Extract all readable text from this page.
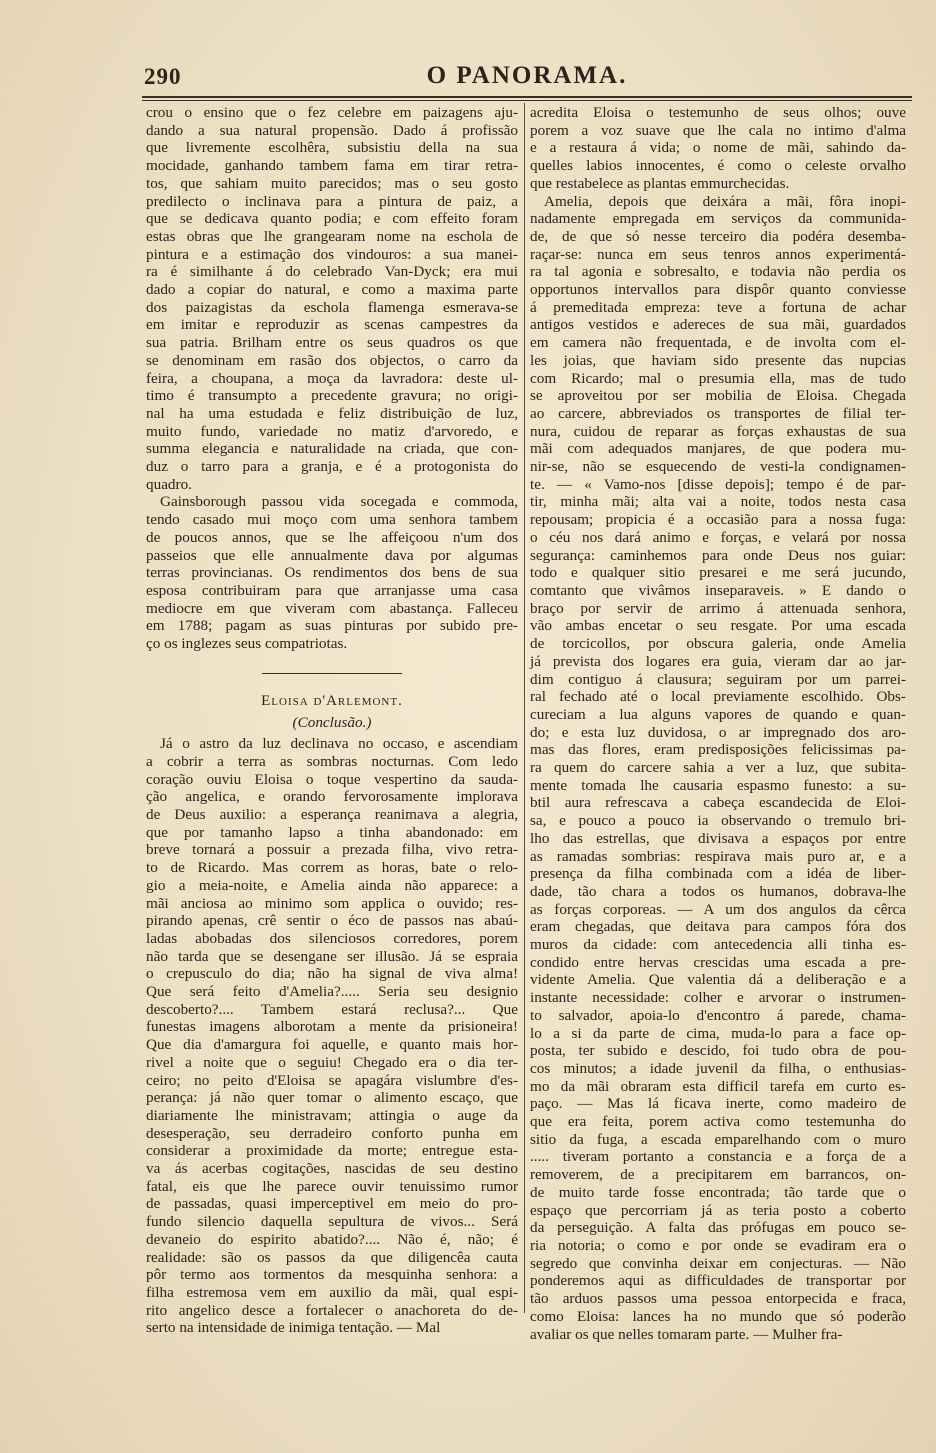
290	O PANORAMA.
crou o ensino que o fez celebre em paizagens aju-
dando a sua natural propensão. Dado á profissão
que livremente escolhêra, subsistiu della na sua
mocidade, ganhando tambem fama em tirar retra-
tos, que sahiam muito parecidos; mas o seu gosto
predilecto o inclinava para a pintura de paiz, a
que se dedicava quanto podia; e com effeito foram
estas obras que lhe grangearam nome na eschola de
pintura e a estimação dos vindouros: a sua manei-
ra é similhante á do celebrado Van-Dyck; era mui
dado a copiar do natural, e como a maxima parte
dos paizagistas da eschola flamenga esmerava-se
em imitar e reproduzir as scenas campestres da
sua patria. Brilham entre os seus quadros os que
se denominam em rasão dos objectos, o carro da
feira, a choupana, a moça da lavradora: deste ul-
timo é transumpto a precedente gravura; no origi-
nal ha uma estudada e feliz distribuição de luz,
muito fundo, variedade no matiz d'arvoredo, e
summa elegancia e naturalidade na criada, que con-
duz o tarro para a granja, e é a protogonista do
quadro.
Gainsborough passou vida socegada e commoda,
tendo casado mui moço com uma senhora tambem
de poucos annos, que se lhe affeiçoou n'um dos
passeios que elle annualmente dava por algumas
terras provincianas. Os rendimentos dos bens de sua
esposa contribuiram para que arranjasse uma casa
mediocre em que viveram com abastança. Falleceu
em 1788; pagam as suas pinturas por subido pre-
ço os inglezes seus compatriotas.
Eloisa d'Arlemont.
(Conclusão.)
Já o astro da luz declinava no occaso, e ascendiam
a cobrir a terra as sombras nocturnas. Com ledo
coração ouviu Eloisa o toque vespertino da sauda-
ção angelica, e orando fervorosamente implorava
de Deus auxilio: a esperança reanimava a alegria,
que por tamanho lapso a tinha abandonado: em
breve tornará a possuir a prezada filha, vivo retra-
to de Ricardo. Mas correm as horas, bate o relo-
gio a meia-noite, e Amelia ainda não apparece: a
mãi anciosa ao minimo som applica o ouvido; res-
pirando apenas, crê sentir o éco de passos nas abaú-
ladas abobadas dos silenciosos corredores, porem
não tarda que se desengane ser illusão. Já se espraia
o crepusculo do dia; não ha signal de viva alma!
Que será feito d'Amelia?..... Seria seu designio
descoberto?.... Tambem estará reclusa?... Que
funestas imagens alborotam a mente da prisioneira!
Que dia d'amargura foi aquelle, e quanto mais hor-
rivel a noite que o seguiu! Chegado era o dia ter-
ceiro; no peito d'Eloisa se apagára vislumbre d'es-
perança: já não quer tomar o alimento escaço, que
diariamente lhe ministravam; attingia o auge da
desesperação, seu derradeiro conforto punha em
considerar a proximidade da morte; entregue esta-
va ás acerbas cogitações, nascidas de seu destino
fatal, eis que lhe parece ouvir tenuissimo rumor
de passadas, quasi imperceptivel em meio do pro-
fundo silencio daquella sepultura de vivos... Será
devaneio do espirito abatido?.... Não é, não; é
realidade: são os passos da que diligencêa cauta
pôr termo aos tormentos da mesquinha senhora: a
filha estremosa vem em auxilio da mãi, qual espi-
rito angelico desce a fortalecer o anachoreta do de-
serto na intensidade de inimiga tentação. — Mal
acredita Eloisa o testemunho de seus olhos; ouve
porem a voz suave que lhe cala no intimo d'alma
e a restaura á vida; o nome de mãi, sahindo da-
quelles labios innocentes, é como o celeste orvalho
que restabelece as plantas emmurchecidas.
Amelia, depois que deixára a mãi, fôra inopi-
nadamente empregada em serviços da communida-
de, de que só nesse terceiro dia podéra desemba-
raçar-se: nunca em seus tenros annos experimentá-
ra tal agonia e sobresalto, e todavia não perdia os
opportunos intervallos para dispôr quanto conviesse
á premeditada empreza: teve a fortuna de achar
antigos vestidos e adereces de sua mãi, guardados
em camera não frequentada, e de involta com el-
les joias, que haviam sido presente das nupcias
com Ricardo; mal o presumia ella, mas de tudo
se aproveitou por ser mobilia de Eloisa. Chegada
ao carcere, abbreviados os transportes de filial ter-
nura, cuidou de reparar as forças exhaustas de sua
mãi com adequados manjares, de que podera mu-
nir-se, não se esquecendo de vesti-la condignamen-
te. — « Vamo-nos [disse depois]; tempo é de par-
tir, minha mãi; alta vai a noite, todos nesta casa
repousam; propicia é a occasião para a nossa fuga:
o céu nos dará animo e forças, e velará por nossa
segurança: caminhemos para onde Deus nos guiar:
todo e qualquer sitio presarei e me será jucundo,
comtanto que vivâmos inseparaveis. » E dando o
braço por servir de arrimo á attenuada senhora,
vão ambas encetar o seu resgate. Por uma escada
de torcicollos, por obscura galeria, onde Amelia
já prevista dos logares era guia, vieram dar ao jar-
dim contiguo á clausura; seguiram por um parrei-
ral fechado até o local previamente escolhido. Obs-
cureciam a lua alguns vapores de quando e quan-
do; e esta luz duvidosa, o ar impregnado dos aro-
mas das flores, eram predisposições felicissimas pa-
ra quem do carcere sahia a ver a luz, que subita-
mente tomada lhe causaria espasmo funesto: a su-
btil aura refrescava a cabeça escandecida de Eloi-
sa, e pouco a pouco ia observando o tremulo bri-
lho das estrellas, que divisava a espaços por entre
as ramadas sombrias: respirava mais puro ar, e a
presença da filha combinada com a idéa de liber-
dade, tão chara a todos os humanos, dobrava-lhe
as forças corporeas. — A um dos angulos da cêrca
eram chegadas, que deitava para campos fóra dos
muros da cidade: com antecedencia alli tinha es-
condido entre hervas crescidas uma escada a pre-
vidente Amelia. Que valentia dá a deliberação e a
instante necessidade: colher e arvorar o instrumen-
to salvador, apoia-lo d'encontro á parede, chama-
lo a si da parte de cima, muda-lo para a face op-
posta, ter subido e descido, foi tudo obra de pou-
cos minutos; a idade juvenil da filha, o enthusias-
mo da mãi obraram esta difficil tarefa em curto es-
paço. — Mas lá ficava inerte, como madeiro de
que era feita, porem activa como testemunha do
sitio da fuga, a escada emparelhando com o muro
..... tiveram portanto a constancia e a força de a
removerem, de a precipitarem em barrancos, on-
de muito tarde fosse encontrada; tão tarde que o
espaço que percorriam já as teria posto a coberto
da perseguição. A falta das prófugas em pouco se-
ria notoria; o como e por onde se evadiram era o
segredo que convinha deixar em conjecturas. — Não
ponderemos aqui as difficuldades de transportar por
tão arduos passos uma pessoa entorpecida e fraca,
como Eloisa: lances ha no mundo que só poderão
avaliar os que nelles tomaram parte. — Mulher fra-
